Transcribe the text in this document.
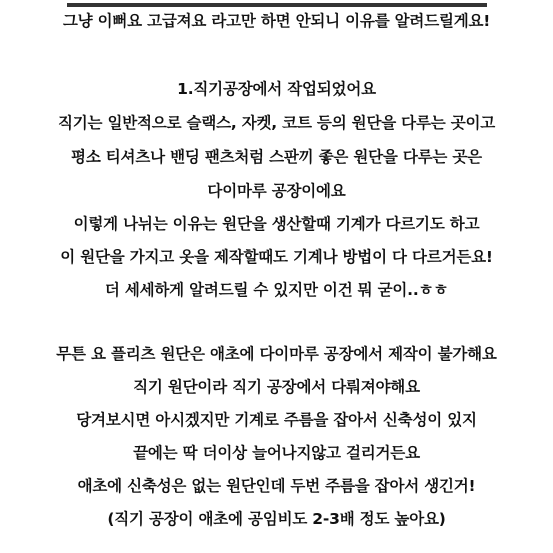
그냥 이뻐요 고급져요 라고만 하면 안되니 이유를 알려드릴게요!
1.직기공장에서 작업되었어요
직기는 일반적으로 슬랙스, 자켓, 코트 등의 원단을 다루는 곳이고
평소 티셔츠나 밴딩 팬츠처럼 스판끼 좋은 원단을 다루는 곳은
다이마루 공장이에요
이렇게 나뉘는 이유는 원단을 생산할때 기계가 다르기도 하고
이 원단을 가지고 옷을 제작할때도 기계나 방법이 다 다르거든요!
더 세세하게 알려드릴 수 있지만 이건 뭐 굳이..ㅎㅎ
무튼 요 플리츠 원단은 애초에 다이마루 공장에서 제작이 불가해요
직기 원단이라 직기 공장에서 다뤄져야해요
당겨보시면 아시겠지만 기계로 주름을 잡아서 신축성이 있지
끝에는 딱 더이상 늘어나지않고 걸리거든요
애초에 신축성은 없는 원단인데 두번 주름을 잡아서 생긴거!
(직기 공장이 애초에 공임비도 2-3배 정도 높아요)
